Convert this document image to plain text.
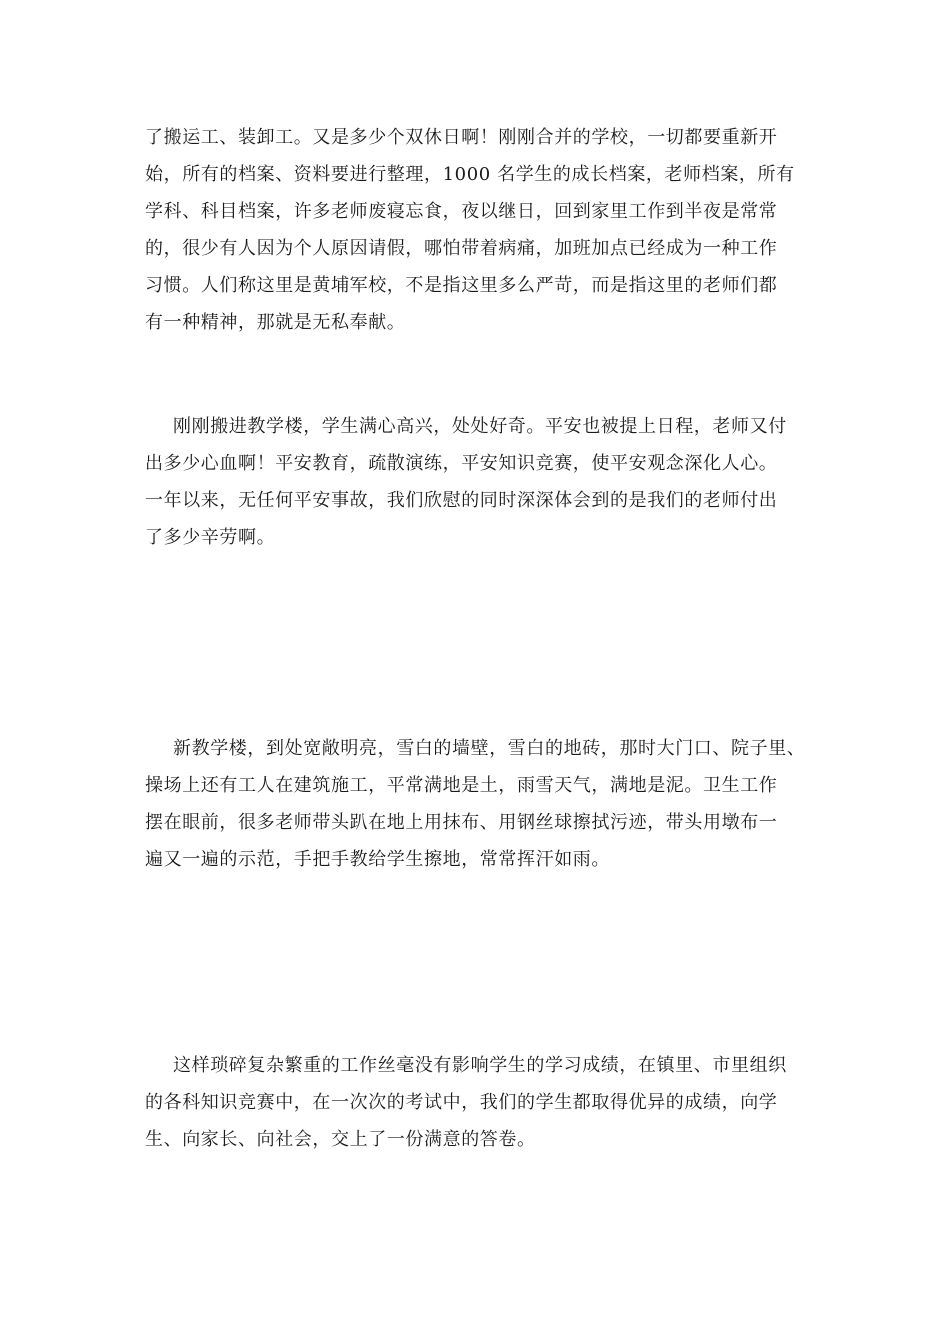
了搬运工、装卸工。又是多少个双休日啊！刚刚合并的学校，一切都要重新开
始，所有的档案、资料要进行整理，1000 名学生的成长档案，老师档案，所有
学科、科目档案，许多老师废寝忘食，夜以继日，回到家里工作到半夜是常常
的，很少有人因为个人原因请假，哪怕带着病痛，加班加点已经成为一种工作
习惯。人们称这里是黄埔军校，不是指这里多么严苛，而是指这里的老师们都
有一种精神，那就是无私奉献。
刚刚搬进教学楼，学生满心高兴，处处好奇。平安也被提上日程，老师又付
出多少心血啊！平安教育，疏散演练，平安知识竞赛，使平安观念深化人心。
一年以来，无任何平安事故，我们欣慰的同时深深体会到的是我们的老师付出
了多少辛劳啊。
新教学楼，到处宽敞明亮，雪白的墙壁，雪白的地砖，那时大门口、院子里、
操场上还有工人在建筑施工，平常满地是土，雨雪天气，满地是泥。卫生工作
摆在眼前，很多老师带头趴在地上用抹布、用钢丝球擦拭污迹，带头用墩布一
遍又一遍的示范，手把手教给学生擦地，常常挥汗如雨。
这样琐碎复杂繁重的工作丝毫没有影响学生的学习成绩，在镇里、市里组织
的各科知识竞赛中，在一次次的考试中，我们的学生都取得优异的成绩，向学
生、向家长、向社会，交上了一份满意的答卷。
